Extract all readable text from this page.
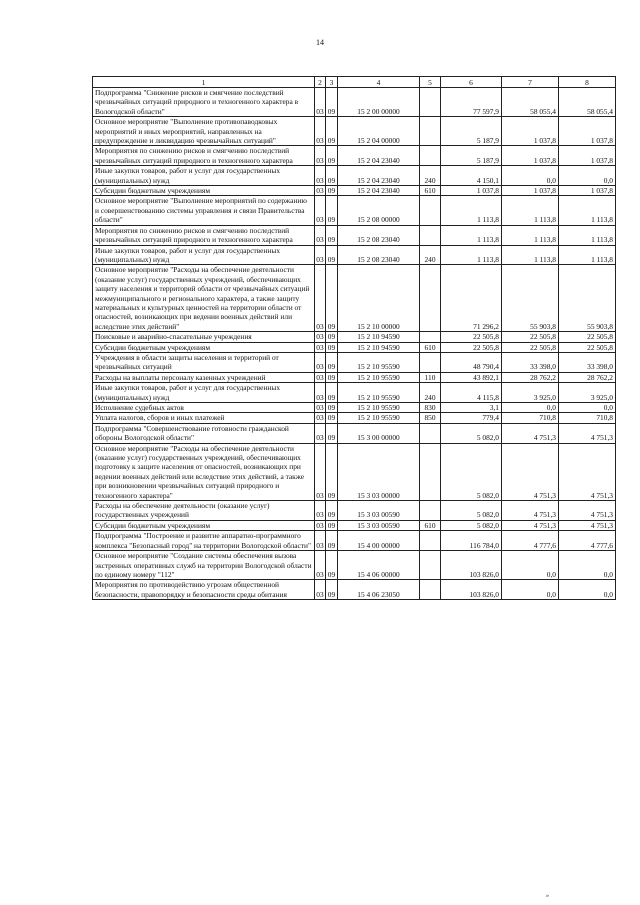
14
1	2	3	4	5	6	7	8
Подпрограмма "Снижение рисков и смягчение последствий чрезвычайных ситуаций природного и техногенного характера в Вологодской области"	03	09	15 2 00 00000		77 597,9	58 055,4	58 055,4
Основное мероприятие "Выполнение противопаводковых мероприятий и иных мероприятий, направленных на предупреждение и ликвидацию чрезвычайных ситуаций"	03	09	15 2 04 00000		5 187,9	1 037,8	1 037,8
Мероприятия по снижению рисков и смягчению последствий чрезвычайных ситуаций природного и техногенного характера	03	09	15 2 04 23040		5 187,9	1 037,8	1 037,8
Иные закупки товаров, работ и услуг для государственных (муниципальных) нужд	03	09	15 2 04 23040	240	4 150,1	0,0	0,0
Субсидии бюджетным учреждениям	03	09	15 2 04 23040	610	1 037,8	1 037,8	1 037,8
Основное мероприятие "Выполнение мероприятий по содержанию и совершенствованию системы управления и связи Правительства области"	03	09	15 2 08 00000		1 113,8	1 113,8	1 113,8
Мероприятия по снижению рисков и смягчению последствий чрезвычайных ситуаций природного и техногенного характера	03	09	15 2 08 23040		1 113,8	1 113,8	1 113,8
Иные закупки товаров, работ и услуг для государственных (муниципальных) нужд	03	09	15 2 08 23040	240	1 113,8	1 113,8	1 113,8
Основное мероприятие "Расходы на обеспечение деятельности (оказание услуг) государственных учреждений, обеспечивающих защиту населения и территорий области от чрезвычайных ситуаций межмуниципального и регионального характера, а также защиту материальных и культурных ценностей на территории области от опасностей, возникающих при ведении военных действий или вследствие этих действий"	03	09	15 2 10 00000		71 296,2	55 903,8	55 903,8
Поисковые и аварийно-спасательные учреждения	03	09	15 2 10 94590		22 505,8	22 505,8	22 505,8
Субсидии бюджетным учреждениям	03	09	15 2 10 94590	610	22 505,8	22 505,8	22 505,8
Учреждения в области защиты населения и территорий от чрезвычайных ситуаций	03	09	15 2 10 95590		48 790,4	33 398,0	33 398,0
Расходы на выплаты персоналу казенных учреждений	03	09	15 2 10 95590	110	43 892,1	28 762,2	28 762,2
Иные закупки товаров, работ и услуг для государственных (муниципальных) нужд	03	09	15 2 10 95590	240	4 115,8	3 925,0	3 925,0
Исполнение судебных актов	03	09	15 2 10 95590	830	3,1	0,0	0,0
Уплата налогов, сборов и иных платежей	03	09	15 2 10 95590	850	779,4	710,8	710,8
Подпрограмма "Совершенствование готовности гражданской обороны Вологодской области"	03	09	15 3 00 00000		5 082,0	4 751,3	4 751,3
Основное мероприятие "Расходы на обеспечение деятельности (оказание услуг) государственных учреждений, обеспечивающих подготовку к защите населения от опасностей, возникающих при ведении военных действий или вследствие этих действий, а также при возникновении чрезвычайных ситуаций природного и техногенного характера"	03	09	15 3 03 00000		5 082,0	4 751,3	4 751,3
Расходы на обеспечение деятельности (оказание услуг) государственных учреждений	03	09	15 3 03 00590		5 082,0	4 751,3	4 751,3
Субсидии бюджетным учреждениям	03	09	15 3 03 00590	610	5 082,0	4 751,3	4 751,3
Подпрограмма "Построение и развитие аппаратно-программного комплекса "Безопасный город" на территории Вологодской области"	03	09	15 4 00 00000		116 784,0	4 777,6	4 777,6
Основное мероприятие "Создание системы обеспечения вызова экстренных оперативных служб на территории Вологодской области по единому номеру "112"	03	09	15 4 06 00000		103 826,0	0,0	0,0
Мероприятия по противодействию угрозам общественной безопасности, правопорядку и безопасности среды обитания	03	09	15 4 06 23050		103 826,0	0,0	0,0
»
